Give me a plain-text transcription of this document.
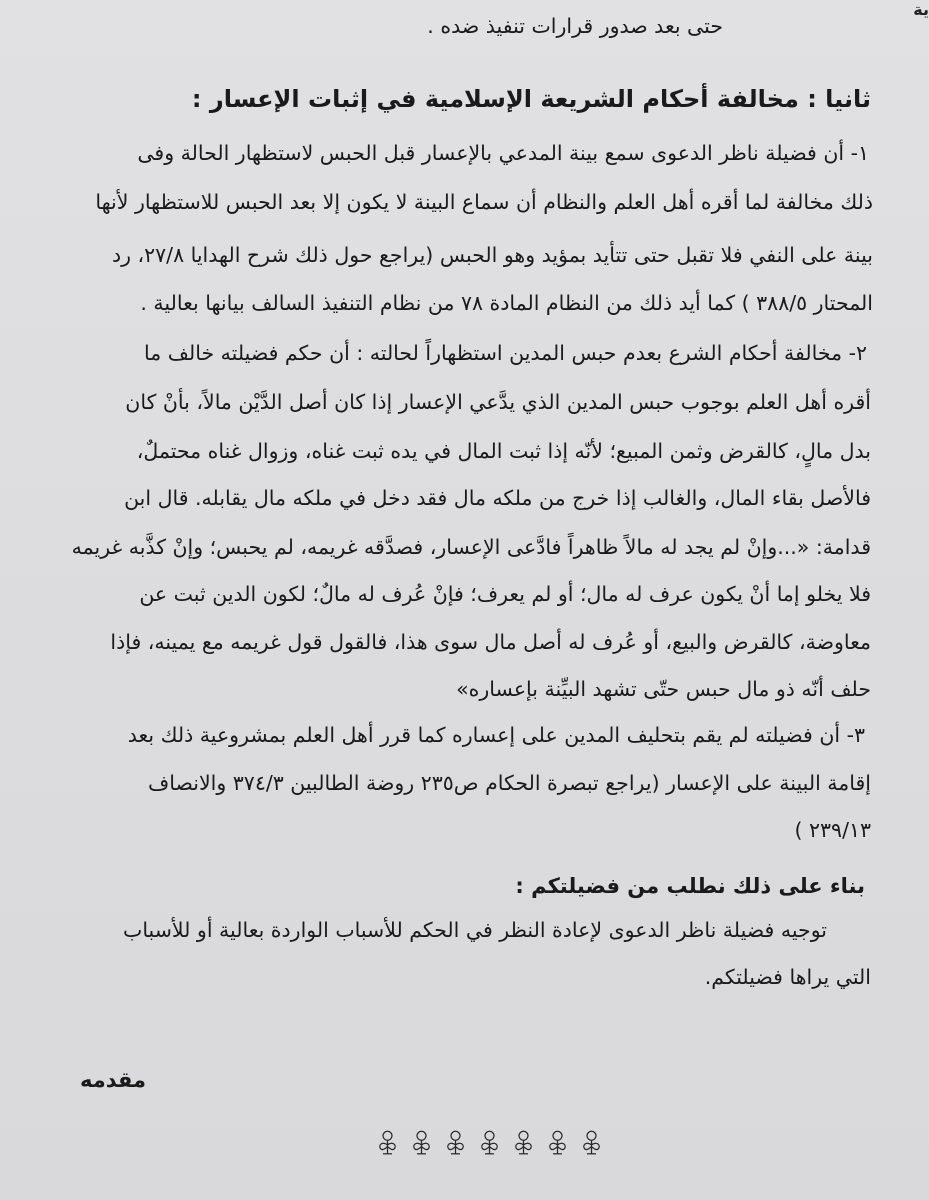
ية

حتى بعد صدور قرارات تنفيذ ضده .

ثانيا : مخالفة أحكام الشريعة الإسلامية في إثبات الإعسار :

١- أن فضيلة ناظر الدعوى سمع بينة المدعي بالإعسار قبل الحبس لاستظهار الحالة وفى

ذلك مخالفة لما أقره أهل العلم والنظام أن سماع البينة لا يكون إلا بعد الحبس للاستظهار لأنها

بينة على النفي فلا تقبل حتى تتأيد بمؤيد وهو الحبس (يراجع حول ذلك شرح الهدايا ٢٧/٨، رد

المحتار ٣٨٨/٥ ) كما أيد ذلك من النظام المادة ٧٨ من نظام التنفيذ السالف بيانها بعالية .

٢- مخالفة أحكام الشرع بعدم حبس المدين استظهاراً لحالته : أن حكم فضيلته خالف ما

أقره أهل العلم بوجوب حبس المدين الذي يدَّعي الإعسار إذا كان أصل الدَّيْن مالاً، بأنْ كان

بدل مالٍ، كالقرض وثمن المبيع؛ لأنّه إذا ثبت المال في يده ثبت غناه، وزوال غناه محتملٌ،

فالأصل بقاء المال، والغالب إذا خرج من ملكه مال فقد دخل في ملكه مال يقابله. قال ابن

قدامة: «...وإنْ لم يجد له مالاً ظاهراً فادَّعى الإعسار، فصدَّقه غريمه، لم يحبس؛ وإنْ كذَّبه غريمه

فلا يخلو إما أنْ يكون عرف له مال؛ أو لم يعرف؛ فإنْ عُرف له مالٌ؛ لكون الدين ثبت عن

معاوضة، كالقرض والبيع، أو عُرف له أصل مال سوى هذا، فالقول قول غريمه مع يمينه، فإذا

حلف أنّه ذو مال حبس حتّى تشهد البيِّنة بإعساره»

٣- أن فضيلته لم يقم بتحليف المدين على إعساره كما قرر أهل العلم بمشروعية ذلك بعد

إقامة البينة على الإعسار (يراجع تبصرة الحكام ص٢٣٥ روضة الطالبين ٣٧٤/٣ والانصاف

٢٣٩/١٣ )

بناء على ذلك نطلب من فضيلتكم :

توجيه فضيلة ناظر الدعوى لإعادة النظر في الحكم للأسباب الواردة بعالية أو للأسباب

التي يراها فضيلتكم.

مقدمه
